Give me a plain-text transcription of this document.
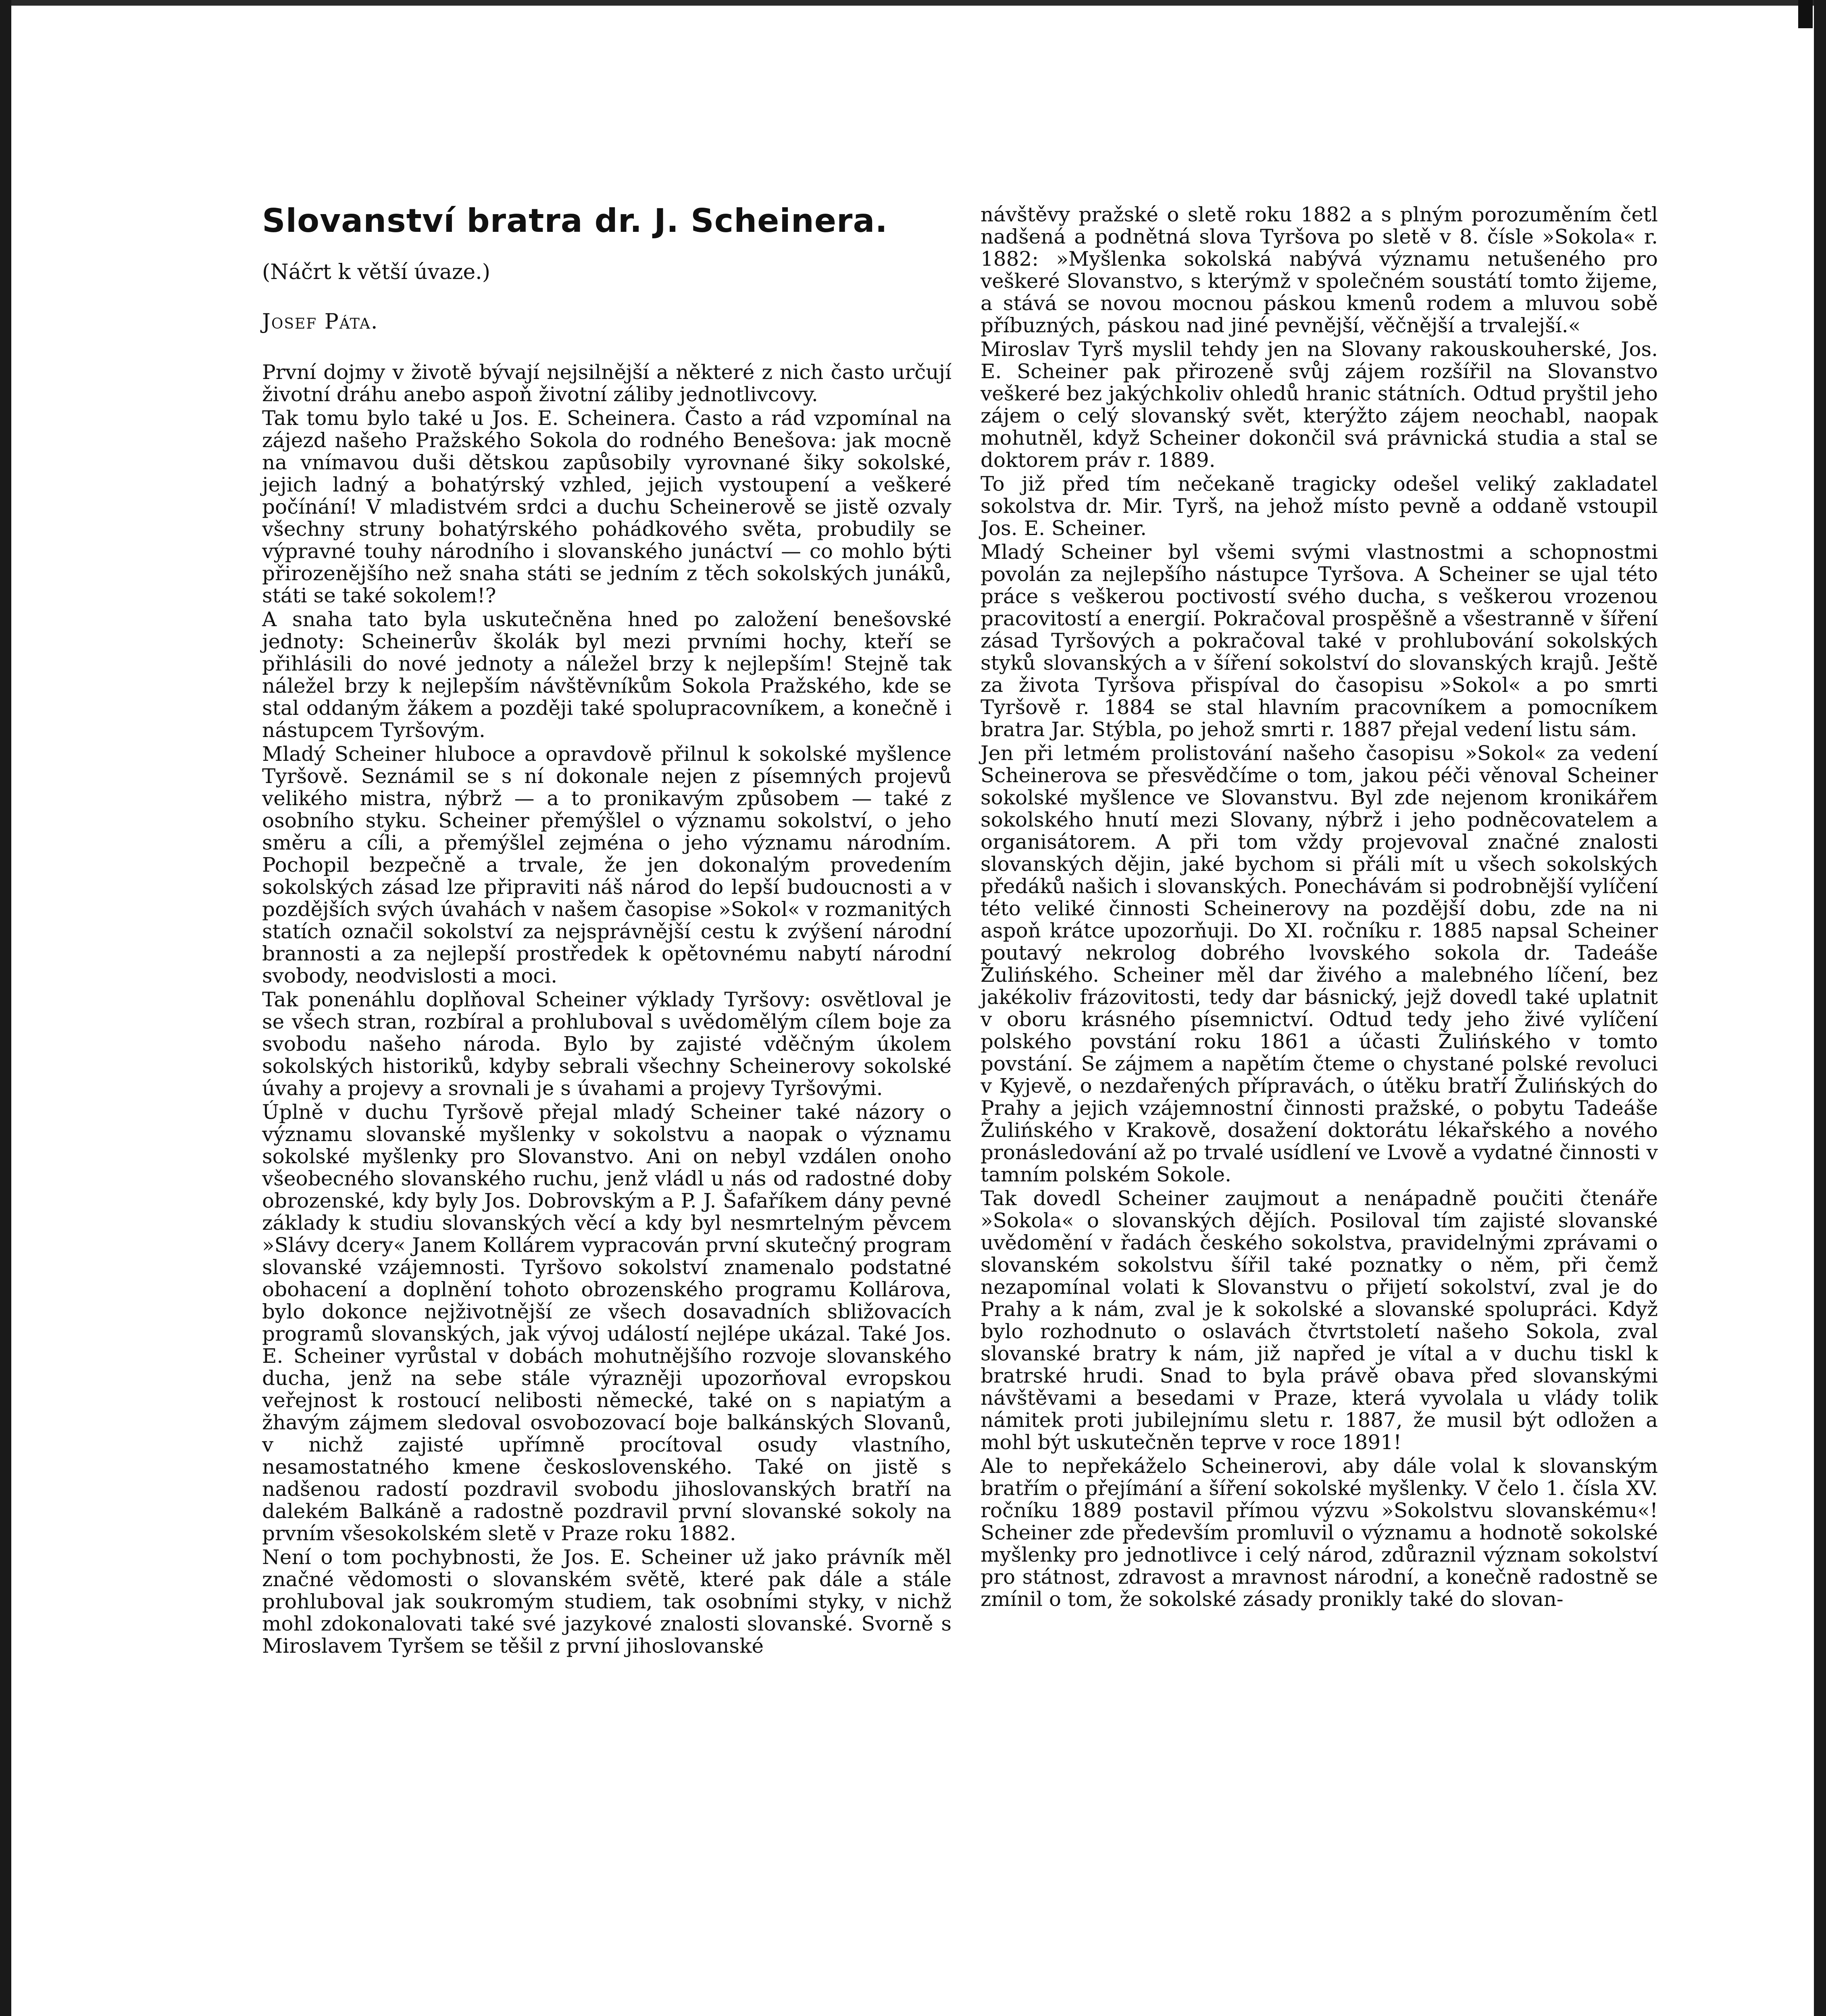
Slovanství bratra dr. J. Scheinera.
(Náčrt k větší úvaze.)
Josef Páta.

První dojmy v životě bývají nejsilnější a některé z nich často určují životní dráhu anebo aspoň životní záliby jednotlivcovy.

Tak tomu bylo také u Jos. E. Scheinera. Často a rád vzpomínal na zájezd našeho Pražského Sokola do rodného Benešova: jak mocně na vnímavou duši dětskou zapůsobily vyrovnané šiky sokolské, jejich ladný a bohatýrský vzhled, jejich vystoupení a veškeré počínání! V mladistvém srdci a duchu Scheinerově se jistě ozvaly všechny struny bohatýrského pohádkového světa, probudily se výpravné touhy národního i slovanského junáctví — co mohlo býti přirozenějšího než snaha státi se jedním z těch sokolských junáků, státi se také sokolem!?

A snaha tato byla uskutečněna hned po založení benešovské jednoty: Scheinerův školák byl mezi prvními hochy, kteří se přihlásili do nové jednoty a náležel brzy k nejlepším! Stejně tak náležel brzy k nejlepším návštěvníkům Sokola Pražského, kde se stal oddaným žákem a později také spolupracovníkem, a konečně i nástupcem Tyršovým.

Mladý Scheiner hluboce a opravdově přilnul k sokolské myšlence Tyršově. Seznámil se s ní dokonale nejen z písemných projevů velikého mistra, nýbrž — a to pronikavým způsobem — také z osobního styku. Scheiner přemýšlel o významu sokolství, o jeho směru a cíli, a přemýšlel zejména o jeho významu národním. Pochopil bezpečně a trvale, že jen dokonalým provedením sokolských zásad lze připraviti náš národ do lepší budoucnosti a v pozdějších svých úvahách v našem časopise »Sokol« v rozmanitých statích označil sokolství za nejsprávnější cestu k zvýšení národní brannosti a za nejlepší prostředek k opětovnému nabytí národní svobody, neodvislosti a moci.

Tak ponenáhlu doplňoval Scheiner výklady Tyršovy: osvětloval je se všech stran, rozbíral a prohluboval s uvědomělým cílem boje za svobodu našeho národa. Bylo by zajisté vděčným úkolem sokolských historiků, kdyby sebrali všechny Scheinerovy sokolské úvahy a projevy a srovnali je s úvahami a projevy Tyršovými.

Úplně v duchu Tyršově přejal mladý Scheiner také názory o významu slovanské myšlenky v sokolstvu a naopak o významu sokolské myšlenky pro Slovanstvo. Ani on nebyl vzdálen onoho všeobecného slovanského ruchu, jenž vládl u nás od radostné doby obrozenské, kdy byly Jos. Dobrovským a P. J. Šafaříkem dány pevné základy k studiu slovanských věcí a kdy byl nesmrtelným pěvcem »Slávy dcery« Janem Kollárem vypracován první skutečný program slovanské vzájemnosti. Tyršovo sokolství znamenalo podstatné obohacení a doplnění tohoto obrozenského programu Kollárova, bylo dokonce nejživotnější ze všech dosavadních sbližovacích programů slovanských, jak vývoj událostí nejlépe ukázal. Také Jos. E. Scheiner vyrůstal v dobách mohutnějšího rozvoje slovanského ducha, jenž na sebe stále výrazněji upozorňoval evropskou veřejnost k rostoucí nelibosti německé, také on s napiatým a žhavým zájmem sledoval osvobozovací boje balkánských Slovanů, v nichž zajisté upřímně procítoval osudy vlastního, nesamostatného kmene československého. Také on jistě s nadšenou radostí pozdravil svobodu jihoslovanských bratří na dalekém Balkáně a radostně pozdravil první slovanské sokoly na prvním všesokolském sletě v Praze roku 1882.

Není o tom pochybnosti, že Jos. E. Scheiner už jako právník měl značné vědomosti o slovanském světě, které pak dále a stále prohluboval jak soukromým studiem, tak osobními styky, v nichž mohl zdokonalovati také své jazykové znalosti slovanské. Svorně s Miroslavem Tyršem se těšil z první jihoslovanské

návštěvy pražské o sletě roku 1882 a s plným porozuměním četl nadšená a podnětná slova Tyršova po sletě v 8. čísle »Sokola« r. 1882: »Myšlenka sokolská nabývá významu netušeného pro veškeré Slovanstvo, s kterýmž v společném soustátí tomto žijeme, a stává se novou mocnou páskou kmenů rodem a mluvou sobě příbuzných, páskou nad jiné pevnější, věčnější a trvalejší.«

Miroslav Tyrš myslil tehdy jen na Slovany rakouskouherské, Jos. E. Scheiner pak přirozeně svůj zájem rozšířil na Slovanstvo veškeré bez jakýchkoliv ohledů hranic státních. Odtud pryštil jeho zájem o celý slovanský svět, kterýžto zájem neochabl, naopak mohutněl, když Scheiner dokončil svá právnická studia a stal se doktorem práv r. 1889.

To již před tím nečekaně tragicky odešel veliký zakladatel sokolstva dr. Mir. Tyrš, na jehož místo pevně a oddaně vstoupil Jos. E. Scheiner.

Mladý Scheiner byl všemi svými vlastnostmi a schopnostmi povolán za nejlepšího nástupce Tyršova. A Scheiner se ujal této práce s veškerou poctivostí svého ducha, s veškerou vrozenou pracovitostí a energií. Pokračoval prospěšně a všestranně v šíření zásad Tyršových a pokračoval také v prohlubování sokolských styků slovanských a v šíření sokolství do slovanských krajů. Ještě za života Tyršova přispíval do časopisu »Sokol« a po smrti Tyršově r. 1884 se stal hlavním pracovníkem a pomocníkem bratra Jar. Stýbla, po jehož smrti r. 1887 přejal vedení listu sám.

Jen při letmém prolistování našeho časopisu »Sokol« za vedení Scheinerova se přesvědčíme o tom, jakou péči věnoval Scheiner sokolské myšlence ve Slovanstvu. Byl zde nejenom kronikářem sokolského hnutí mezi Slovany, nýbrž i jeho podněcovatelem a organisátorem. A při tom vždy projevoval značné znalosti slovanských dějin, jaké bychom si přáli mít u všech sokolských předáků našich i slovanských. Ponechávám si podrobnější vylíčení této veliké činnosti Scheinerovy na pozdější dobu, zde na ni aspoň krátce upozorňuji. Do XI. ročníku r. 1885 napsal Scheiner poutavý nekrolog dobrého lvovského sokola dr. Tadeáše Žulińského. Scheiner měl dar živého a malebného líčení, bez jakékoliv frázovitosti, tedy dar básnický, jejž dovedl také uplatnit v oboru krásného písemnictví. Odtud tedy jeho živé vylíčení polského povstání roku 1861 a účasti Žulińského v tomto povstání. Se zájmem a napětím čteme o chystané polské revoluci v Kyjevě, o nezdařených přípravách, o útěku bratří Žulińských do Prahy a jejich vzájemnostní činnosti pražské, o pobytu Tadeáše Žulińského v Krakově, dosažení doktorátu lékařského a nového pronásledování až po trvalé usídlení ve Lvově a vydatné činnosti v tamním polském Sokole.

Tak dovedl Scheiner zaujmout a nenápadně poučiti čtenáře »Sokola« o slovanských dějích. Posiloval tím zajisté slovanské uvědomění v řadách českého sokolstva, pravidelnými zprávami o slovanském sokolstvu šířil také poznatky o něm, při čemž nezapomínal volati k Slovanstvu o přijetí sokolství, zval je do Prahy a k nám, zval je k sokolské a slovanské spolupráci. Když bylo rozhodnuto o oslavách čtvrtstoletí našeho Sokola, zval slovanské bratry k nám, již napřed je vítal a v duchu tiskl k bratrské hrudi. Snad to byla právě obava před slovanskými návštěvami a besedami v Praze, která vyvolala u vlády tolik námitek proti jubilejnímu sletu r. 1887, že musil být odložen a mohl být uskutečněn teprve v roce 1891!

Ale to nepřekáželo Scheinerovi, aby dále volal k slovanským bratřím o přejímání a šíření sokolské myšlenky. V čelo 1. čísla XV. ročníku 1889 postavil přímou výzvu »Sokolstvu slovanskému«! Scheiner zde především promluvil o významu a hodnotě sokolské myšlenky pro jednotlivce i celý národ, zdůraznil význam sokolství pro státnost, zdravost a mravnost národní, a konečně radostně se zmínil o tom, že sokolské zásady pronikly také do slovan-
